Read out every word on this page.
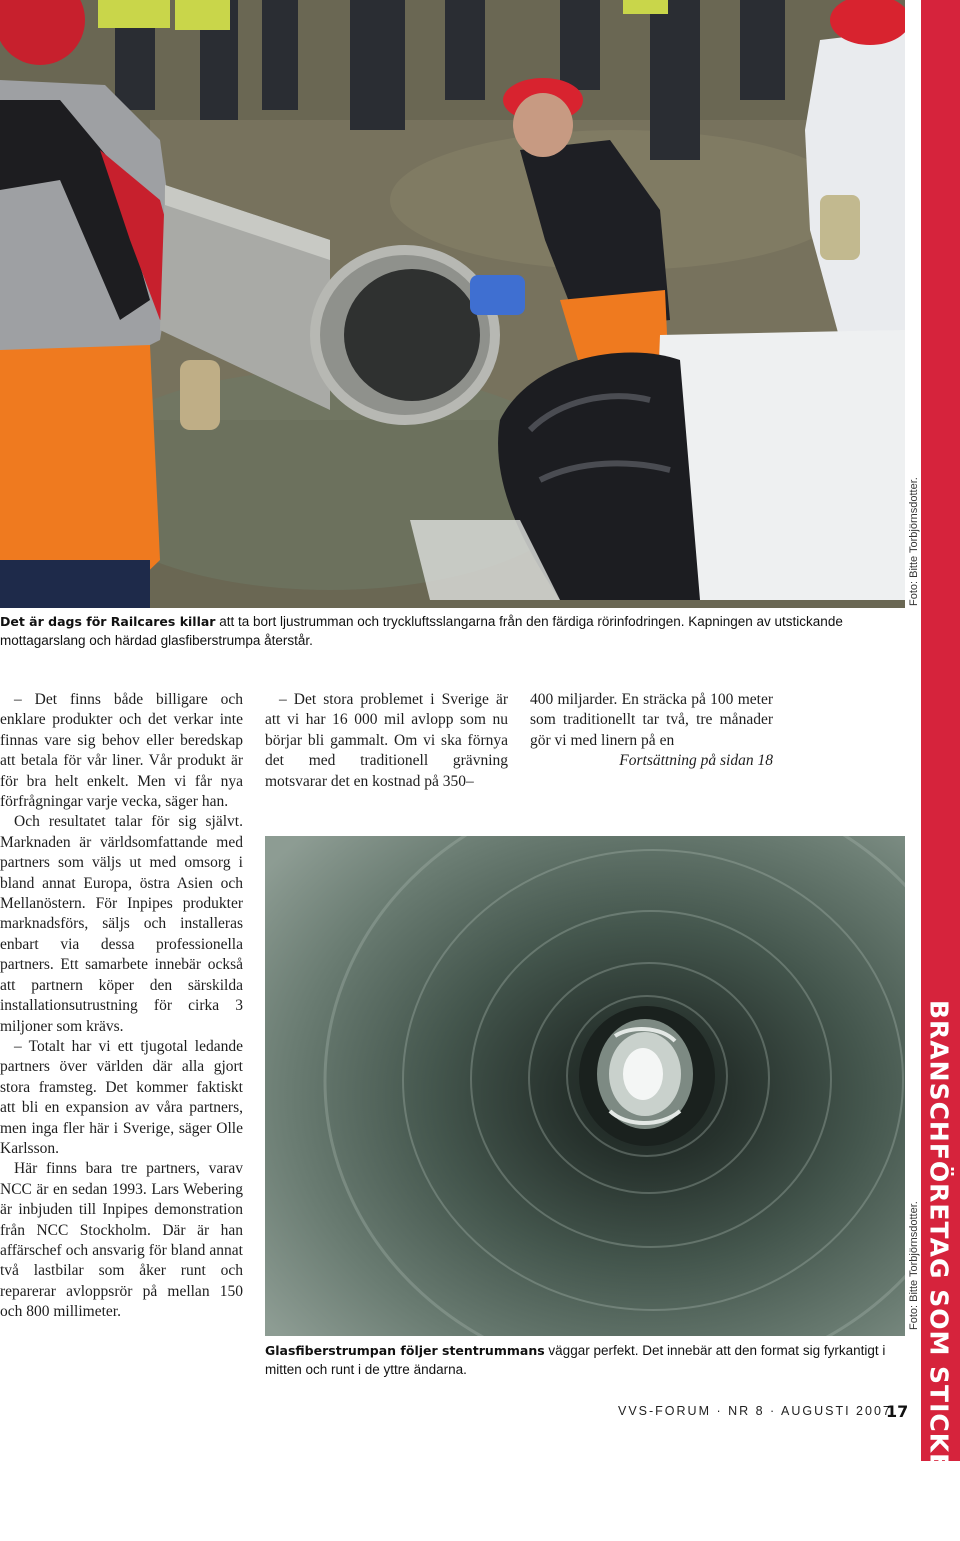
Foto: Bitte Torbjörnsdotter.
BRANSCHFÖRETAG SOM STICKER UT
Det är dags för Railcares killar att ta bort ljustrumman och tryckluftsslangarna från den färdiga rörinfodringen. Kapningen av utstickande mottagarslang och härdad glasfiberstrumpa återstår.

– Det finns både billigare och enklare produkter och det verkar inte finnas vare sig behov eller beredskap att betala för vår liner. Vår produkt är för bra helt enkelt. Men vi får nya förfrågningar varje vecka, säger han.

Och resultatet talar för sig självt. Marknaden är världsomfattande med partners som väljs ut med omsorg i bland annat Europa, östra Asien och Mellanöstern. För Inpipes produkter marknadsförs, säljs och installeras enbart via dessa professionella partners. Ett samarbete innebär också att partnern köper den särskilda installationsutrustning för cirka 3 miljoner som krävs.

– Totalt har vi ett tjugotal ledande partners över världen där alla gjort stora framsteg. Det kommer faktiskt att bli en expansion av våra partners, men inga fler här i Sverige, säger Olle Karlsson.

Här finns bara tre partners, varav NCC är en sedan 1993. Lars Webering är inbjuden till Inpipes demonstration från NCC Stockholm. Där är han affärschef och ansvarig för bland annat två lastbilar som åker runt och reparerar avloppsrör på mellan 150 och 800 millimeter.

– Det stora problemet i Sverige är att vi har 16 000 mil avlopp som nu börjar bli gammalt. Om vi ska förnya det med traditionell grävning motsvarar det en kostnad på 350–

400 miljarder. En sträcka på 100 meter som traditionellt tar två, tre månader gör vi med linern på en

Fortsättning på sidan 18

Foto: Bitte Torbjörnsdotter.
Glasfiberstrumpan följer stentrummans väggar perfekt. Det innebär att den format sig fyrkantigt i mitten och runt i de yttre ändarna.
VVS-FORUM · NR 8 · AUGUSTI 2007
17
